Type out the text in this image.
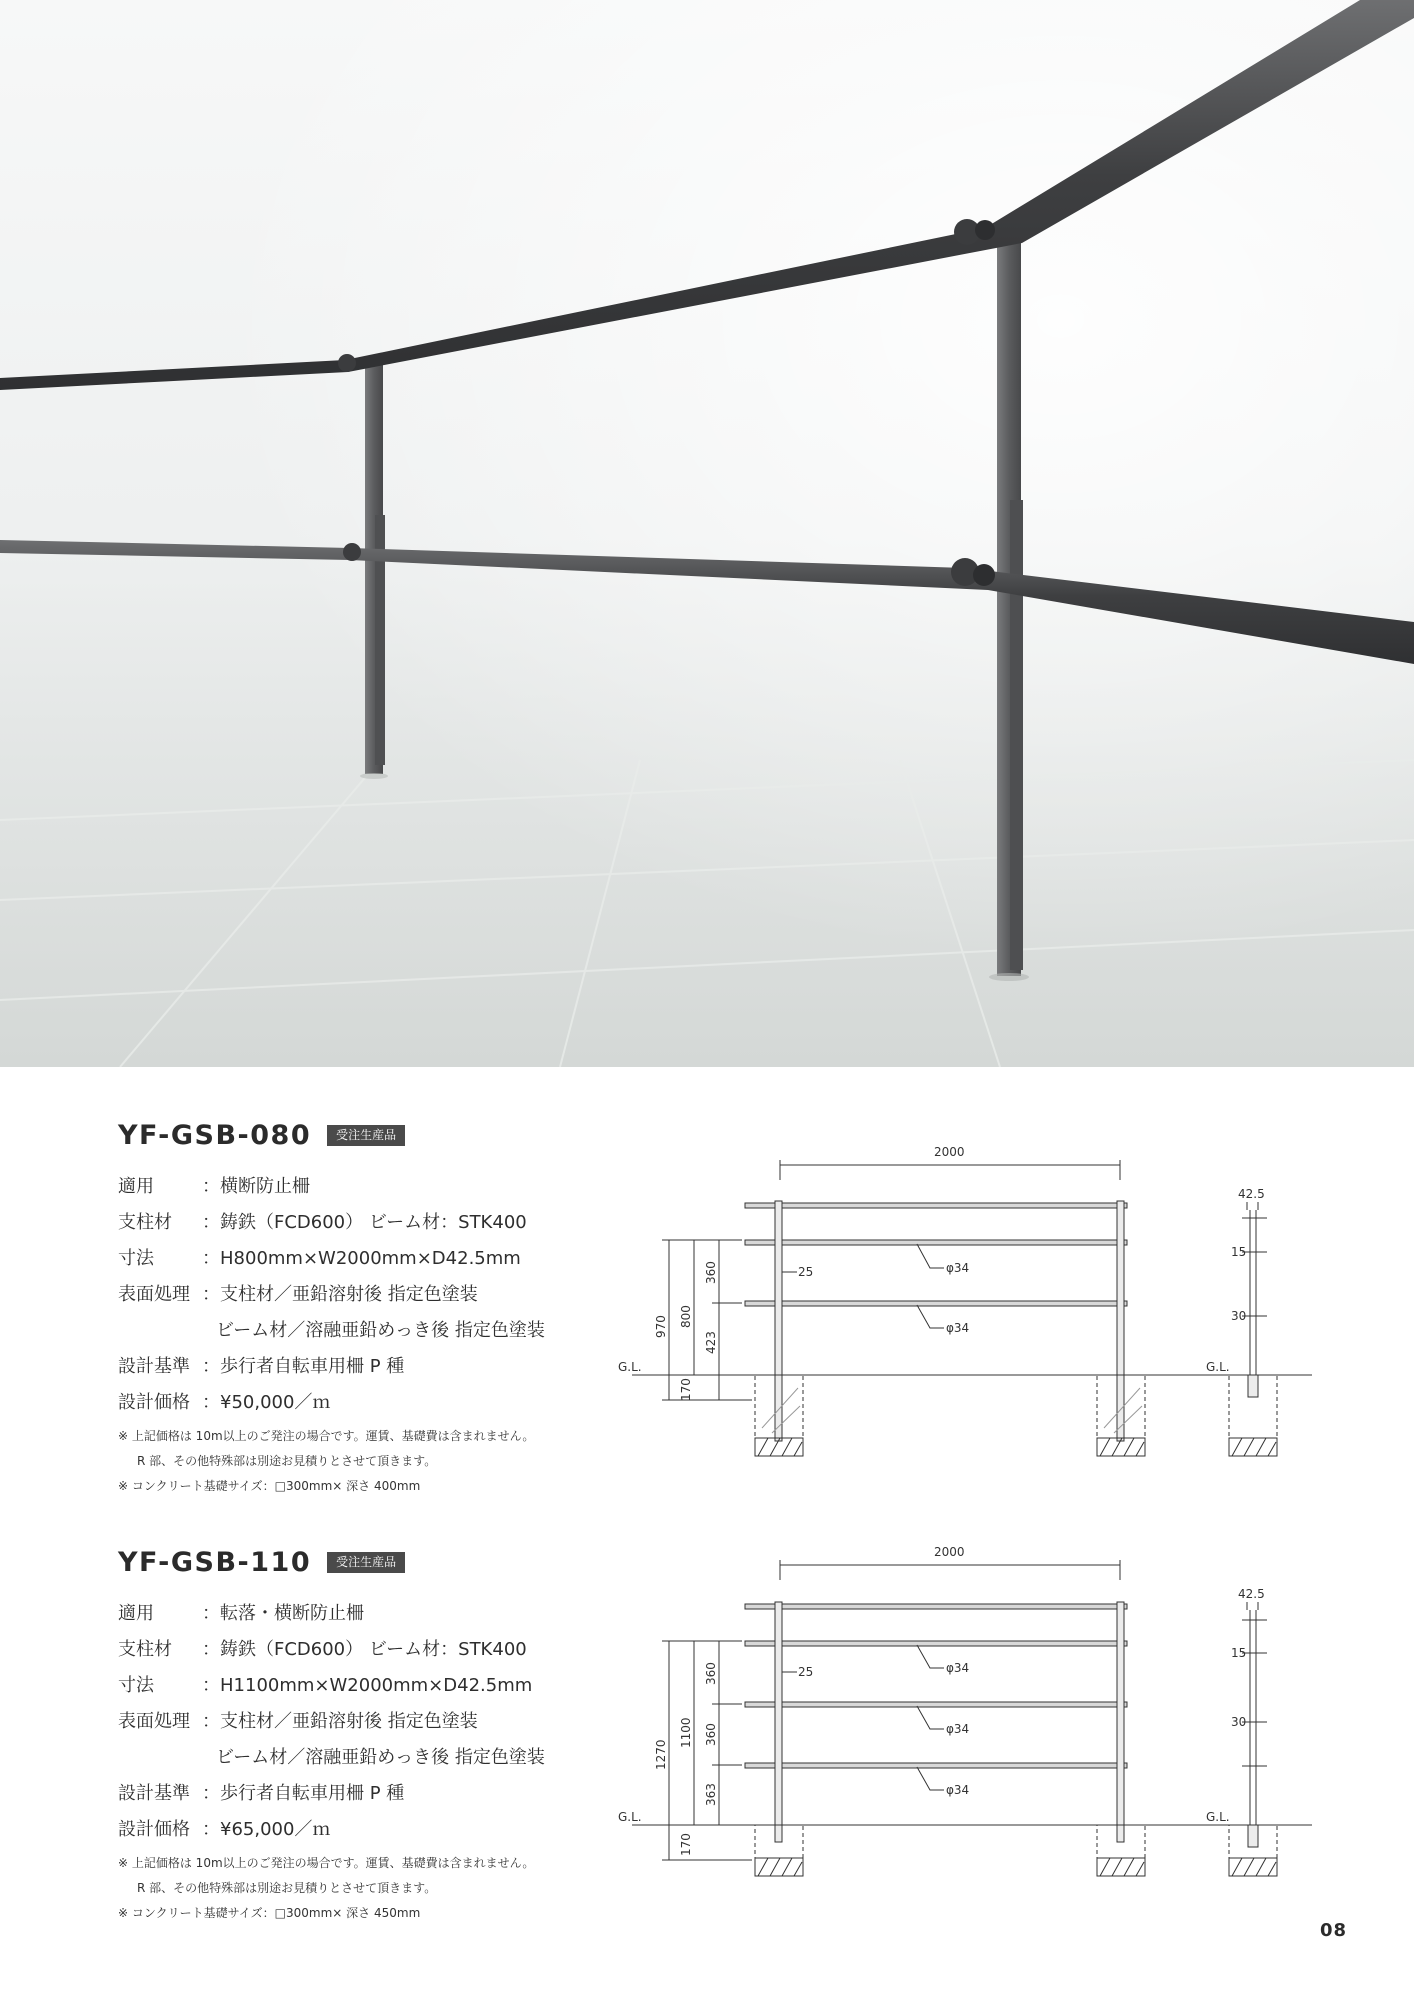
YF-GSB-080	受注生産品
適用	：横断防止柵
支柱材 ：鋳鉄（FCD600） ビーム材：STK400
寸法	：H800mm×W2000mm×D42.5mm
表面処理 ：支柱材／亜鉛溶射後 指定色塗装
ビーム材／溶融亜鉛めっき後 指定色塗装
設計基準 ：歩行者自転車用柵 P 種
設計価格 ：¥50,000／ｍ
※ 上記価格は 10m以上のご発注の場合です。運賃、基礎費は含まれません。
R 部、その他特殊部は別途お見積りとさせて頂きます。
※ コンクリート基礎サイズ：□300mm× 深さ 400mm
2000
970 800
360
423
170
25	φ34
φ34
G.L.
42.5
15
30
G.L.
YF-GSB-110	受注生産品
適用	：転落・横断防止柵
支柱材 ：鋳鉄（FCD600） ビーム材：STK400
寸法	：H1100mm×W2000mm×D42.5mm
表面処理 ：支柱材／亜鉛溶射後 指定色塗装
ビーム材／溶融亜鉛めっき後 指定色塗装
設計基準 ：歩行者自転車用柵 P 種
設計価格 ：¥65,000／ｍ
※ 上記価格は 10m以上のご発注の場合です。運賃、基礎費は含まれません。
R 部、その他特殊部は別途お見積りとさせて頂きます。
※ コンクリート基礎サイズ：□300mm× 深さ 450mm
2000
1270
1100
360
360
363
170
25	φ34
φ34
φ34
G.L.
42.5
15
30
G.L.
08
